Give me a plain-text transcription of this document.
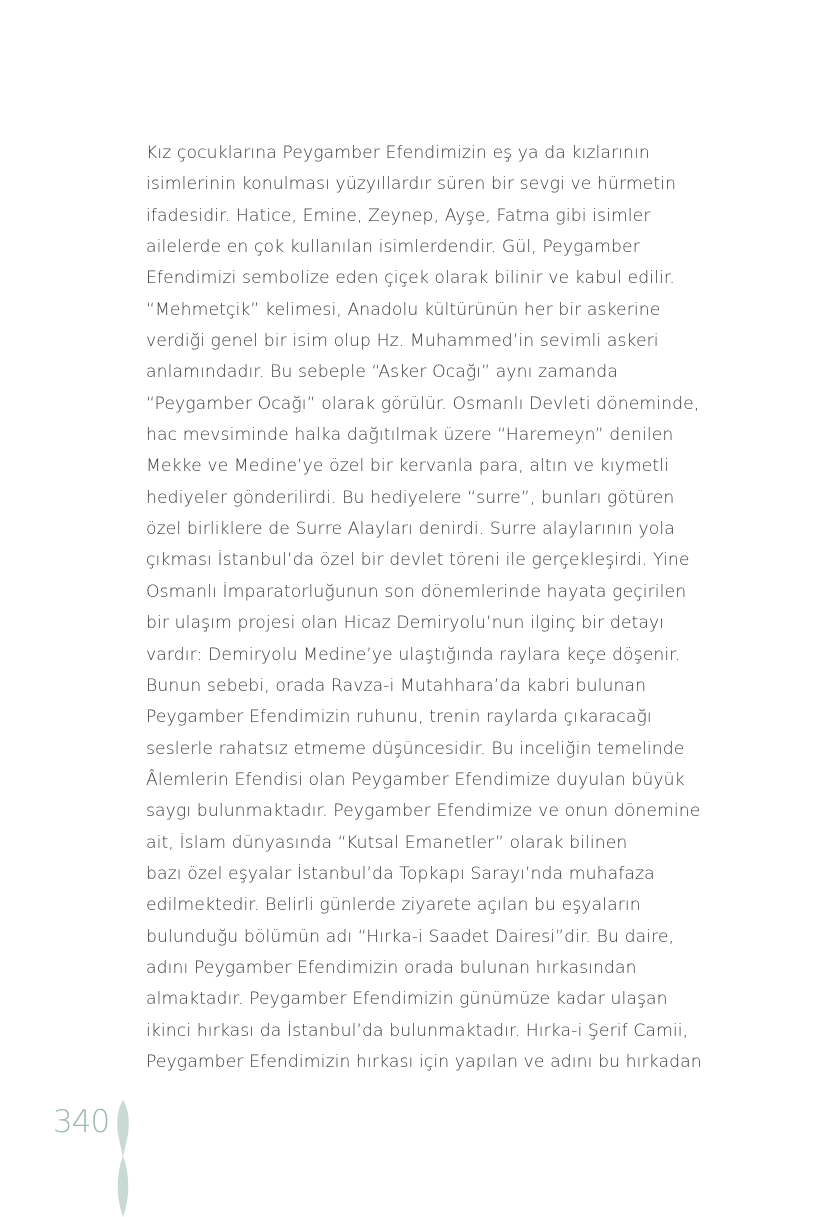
Kız çocuklarına Peygamber Efendimizin eş ya da kızlarının
isimlerinin konulması yüzyıllardır süren bir sevgi ve hürmetin
ifadesidir. Hatice, Emine, Zeynep, Ayşe, Fatma gibi isimler
ailelerde en çok kullanılan isimlerdendir. Gül, Peygamber
Efendimizi sembolize eden çiçek olarak bilinir ve kabul edilir.
“Mehmetçik” kelimesi, Anadolu kültürünün her bir askerine
verdiği genel bir isim olup Hz. Muhammed’in sevimli askeri
anlamındadır. Bu sebeple “Asker Ocağı” aynı zamanda
“Peygamber Ocağı” olarak görülür. Osmanlı Devleti döneminde,
hac mevsiminde halka dağıtılmak üzere “Haremeyn” denilen
Mekke ve Medine’ye özel bir kervanla para, altın ve kıymetli
hediyeler gönderilirdi. Bu hediyelere “surre”, bunları götüren
özel birliklere de Surre Alayları denirdi. Surre alaylarının yola
çıkması İstanbul’da özel bir devlet töreni ile gerçekleşirdi. Yine
Osmanlı İmparatorluğunun son dönemlerinde hayata geçirilen
bir ulaşım projesi olan Hicaz Demiryolu’nun ilginç bir detayı
vardır: Demiryolu Medine’ye ulaştığında raylara keçe döşenir.
Bunun sebebi, orada Ravza-i Mutahhara’da kabri bulunan
Peygamber Efendimizin ruhunu, trenin raylarda çıkaracağı
seslerle rahatsız etmeme düşüncesidir. Bu inceliğin temelinde
Âlemlerin Efendisi olan Peygamber Efendimize duyulan büyük
saygı bulunmaktadır. Peygamber Efendimize ve onun dönemine
ait, İslam dünyasında “Kutsal Emanetler” olarak bilinen
bazı özel eşyalar İstanbul’da Topkapı Sarayı’nda muhafaza
edilmektedir. Belirli günlerde ziyarete açılan bu eşyaların
bulunduğu bölümün adı “Hırka-i Saadet Dairesi”dir. Bu daire,
adını Peygamber Efendimizin orada bulunan hırkasından
almaktadır. Peygamber Efendimizin günümüze kadar ulaşan
ikinci hırkası da İstanbul’da bulunmaktadır. Hırka-i Şerif Camii,
Peygamber Efendimizin hırkası için yapılan ve adını bu hırkadan

340
